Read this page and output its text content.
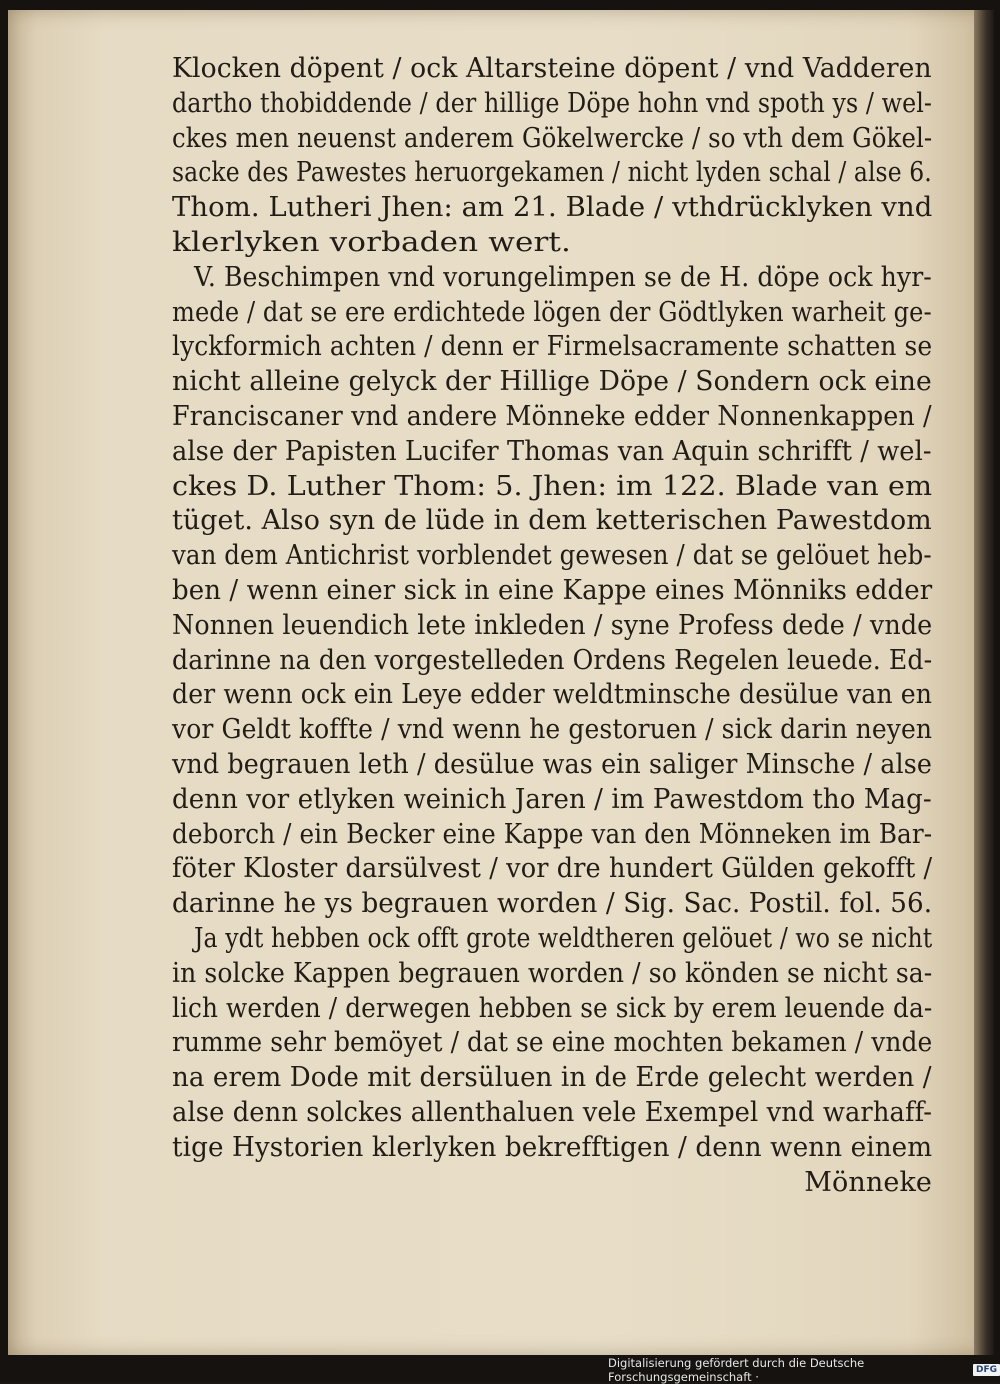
Klocken döpent / ock Altarsteine döpent / vnd Vadderen
dartho thobiddende / der hillige Döpe hohn vnd spoth ys / wel-
ckes men neuenst anderem Gökelwercke / so vth dem Gökel-
sacke des Pawestes heruorgekamen / nicht lyden schal / alse 6.
Thom. Lutheri Jhen: am 21. Blade / vthdrücklyken vnd
klerlyken vorbaden wert.
V. Beschimpen vnd vorungelimpen se de H. döpe ock hyr-
mede / dat se ere erdichtede lögen der Gödtlyken warheit ge-
lyckformich achten / denn er Firmelsacramente schatten se
nicht alleine gelyck der Hillige Döpe / Sondern ock eine
Franciscaner vnd andere Mönneke edder Nonnenkappen /
alse der Papisten Lucifer Thomas van Aquin schrifft / wel-
ckes D. Luther Thom: 5. Jhen: im 122. Blade van em
tüget. Also syn de lüde in dem ketterischen Pawestdom
van dem Antichrist vorblendet gewesen / dat se gelöuet heb-
ben / wenn einer sick in eine Kappe eines Mönniks edder
Nonnen leuendich lete inkleden / syne Profess dede / vnde
darinne na den vorgestelleden Ordens Regelen leuede. Ed-
der wenn ock ein Leye edder weldtminsche desülue van en
vor Geldt koffte / vnd wenn he gestoruen / sick darin neyen
vnd begrauen leth / desülue was ein saliger Minsche / alse
denn vor etlyken weinich Jaren / im Pawestdom tho Mag-
deborch / ein Becker eine Kappe van den Mönneken im Bar-
föter Kloster darsülvest / vor dre hundert Gülden gekofft /
darinne he ys begrauen worden / Sig. Sac. Postil. fol. 56.
Ja ydt hebben ock offt grote weldtheren gelöuet / wo se nicht
in solcke Kappen begrauen worden / so könden se nicht sa-
lich werden / derwegen hebben se sick by erem leuende da-
rumme sehr bemöyet / dat se eine mochten bekamen / vnde
na erem Dode mit dersüluen in de Erde gelecht werden /
alse denn solckes allenthaluen vele Exempel vnd warhaff-
tige Hystorien klerlyken bekrefftigen / denn wenn einem
Mönneke
Digitalisierung gefördert durch die Deutsche Forschungsgemeinschaft ·	DFG
